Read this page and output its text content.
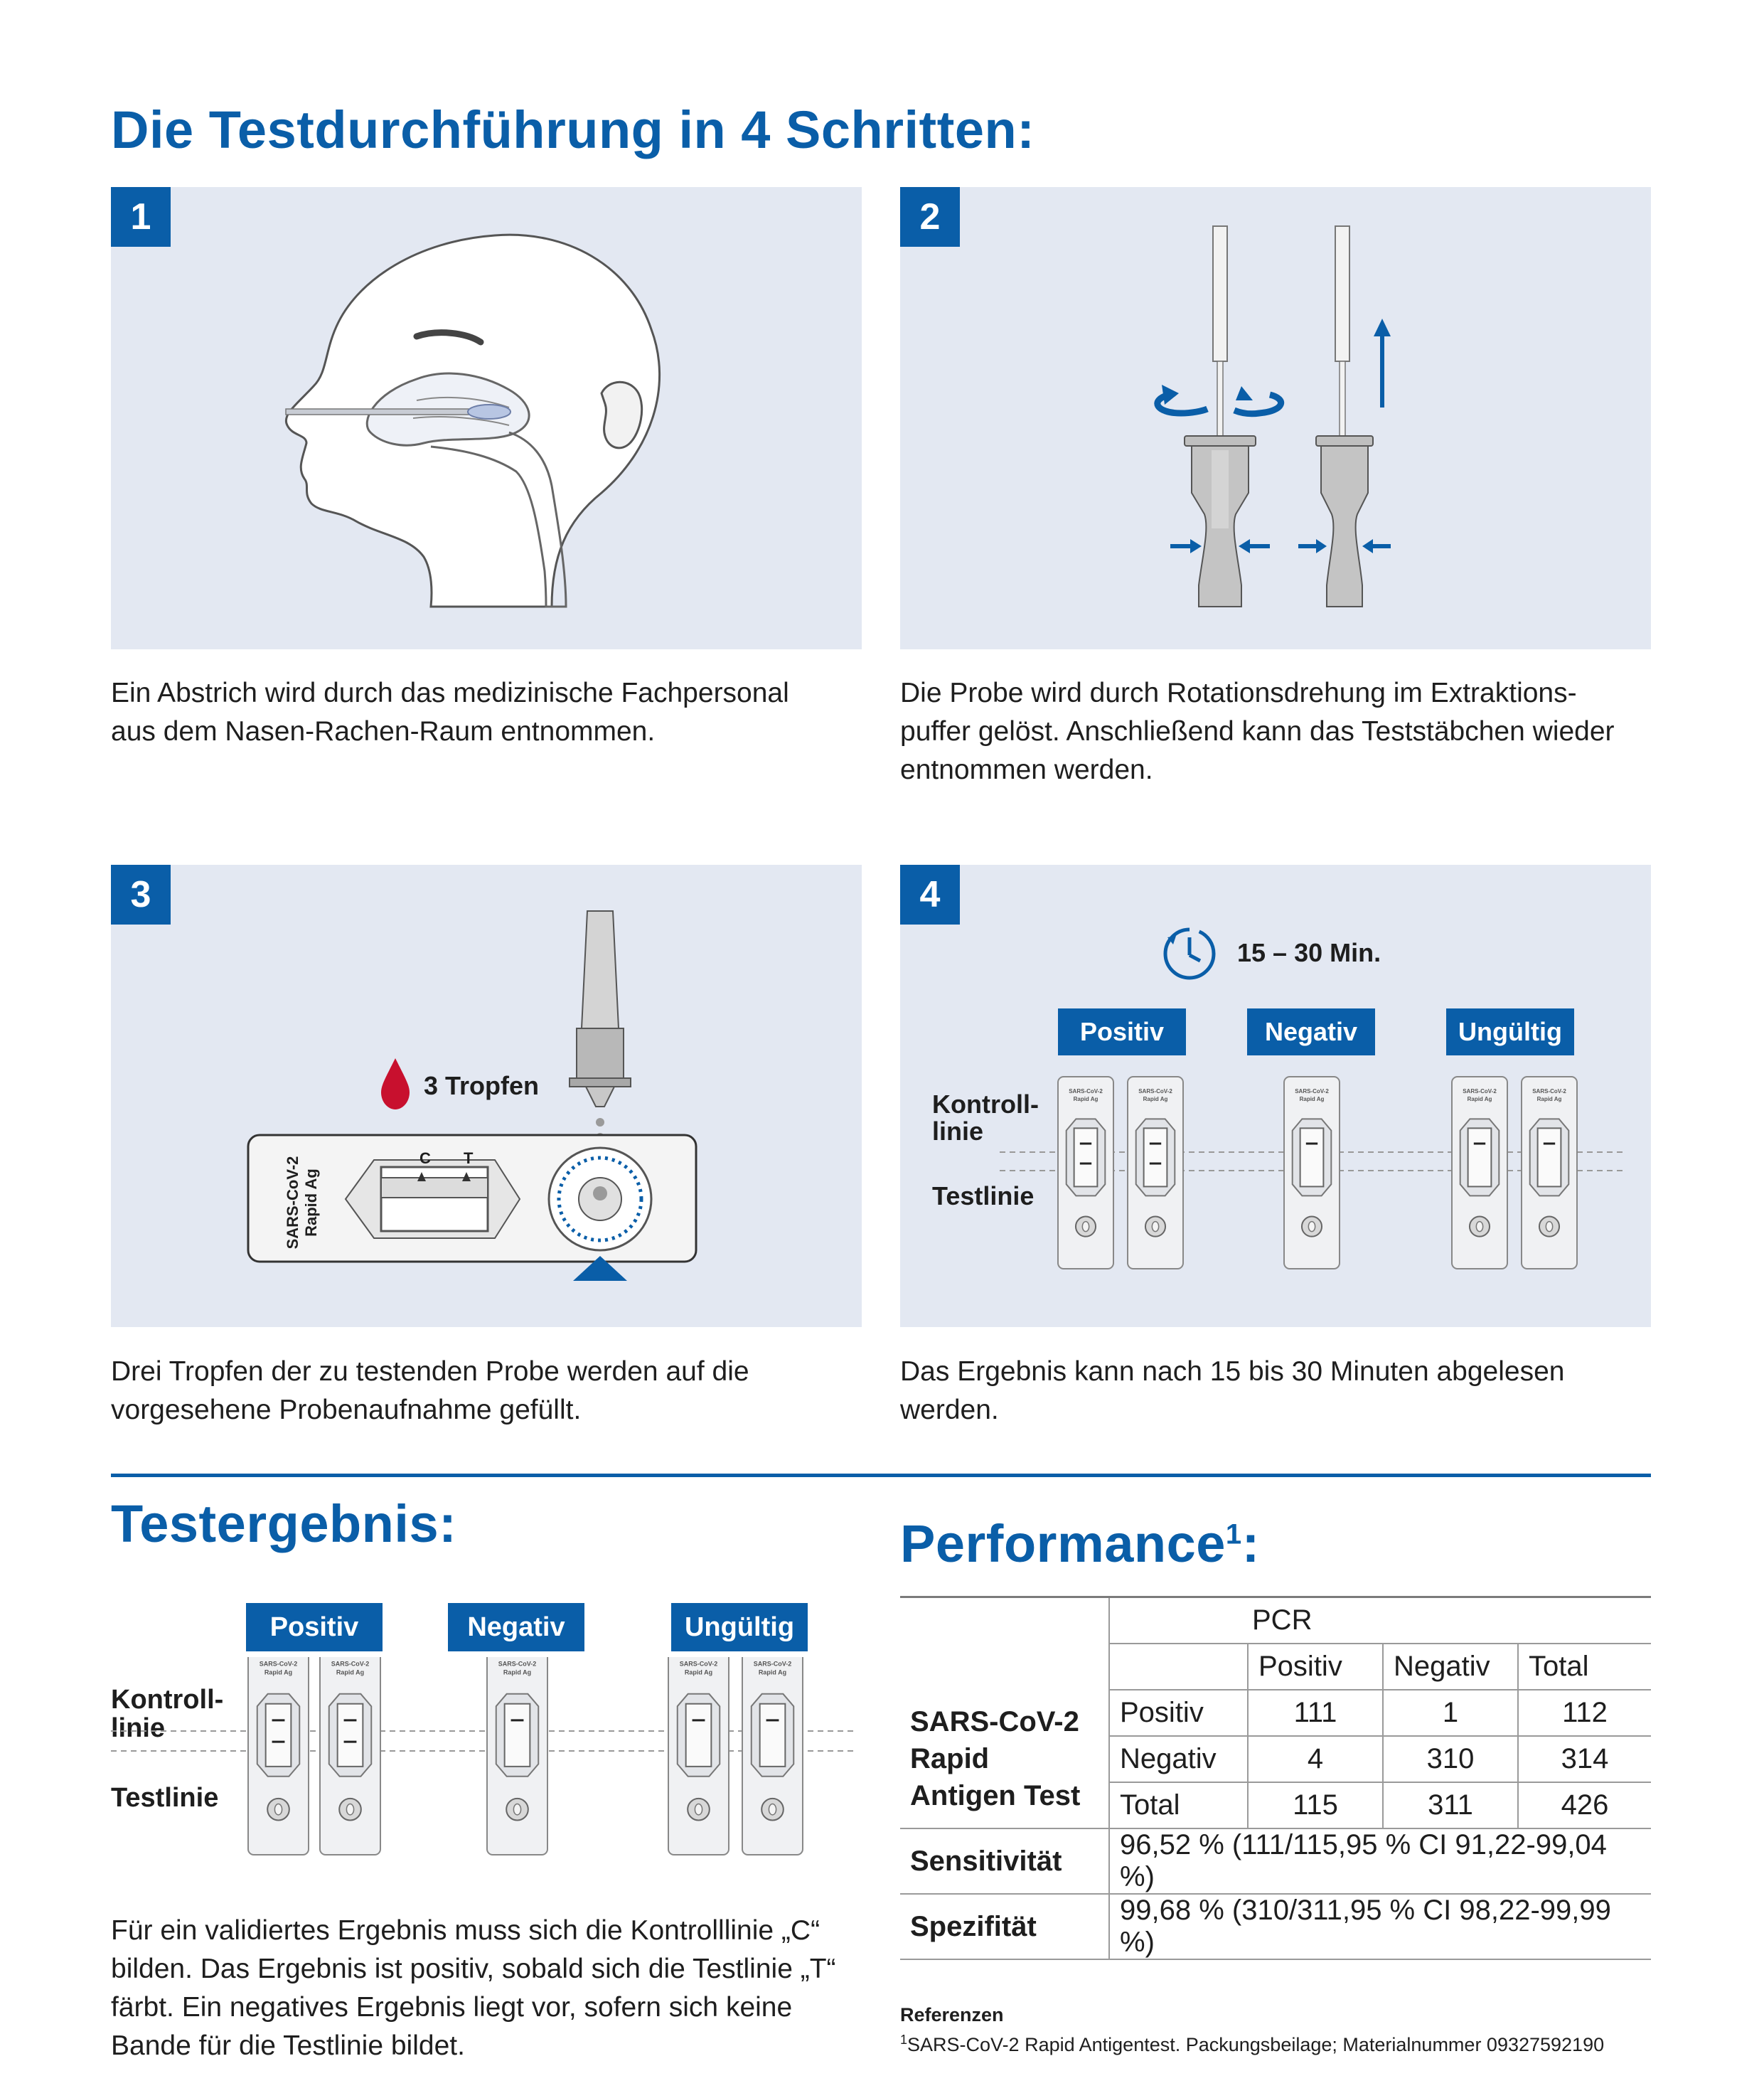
Die Testdurchführung in 4 Schritten:
1
Ein Abstrich wird durch das medizinische Fachpersonal
aus dem Nasen-Rachen-Raum entnommen.
2
Die Probe wird durch Rotationsdrehung im Extraktions-
puffer gelöst. Anschließend kann das Teststäbchen wieder
entnommen werden.
3
3 Tropfen
C T
SARS-CoV-2 Rapid Ag
Drei Tropfen der zu testenden Probe werden auf die
vorgesehene Probenaufnahme gefüllt.
4
15 – 30 Min.
Positiv	Negativ	Ungültig
Kontroll-
linie
Testlinie
SARS-CoV-2
Rapid Ag
SARS-CoV-2
Rapid Ag
SARS-CoV-2
Rapid Ag
SARS-CoV-2
Rapid Ag
SARS-CoV-2
Rapid Ag
Das Ergebnis kann nach 15 bis 30 Minuten abgelesen
werden.
Testergebnis:
Positiv	Negativ	Ungültig
Kontroll-
linie
Testlinie
SARS-CoV-2
Rapid Ag
SARS-CoV-2
Rapid Ag
SARS-CoV-2
Rapid Ag
SARS-CoV-2
Rapid Ag
SARS-CoV-2
Rapid Ag
Für ein validiertes Ergebnis muss sich die Kontrolllinie „C“
bilden. Das Ergebnis ist positiv, sobald sich die Testlinie „T“
färbt. Ein negatives Ergebnis liegt vor, sofern sich keine
Bande für die Testlinie bildet.
Performance$^1$:
	PCR			
		Positiv	Negativ	Total

SARS-CoV-2
Rapid
Antigen Test	Positiv	111	1	112
	Negativ	4	310	314
	Total	115	311	426
Sensitivität	96,52 % (111/115,95 % CI 91,22-99,04 %)			
Spezifität	99,68 % (310/311,95 % CI 98,22-99,99 %)			
Referenzen
$^1$SARS-CoV-2 Rapid Antigentest. Packungsbeilage; Materialnummer 09327592190
